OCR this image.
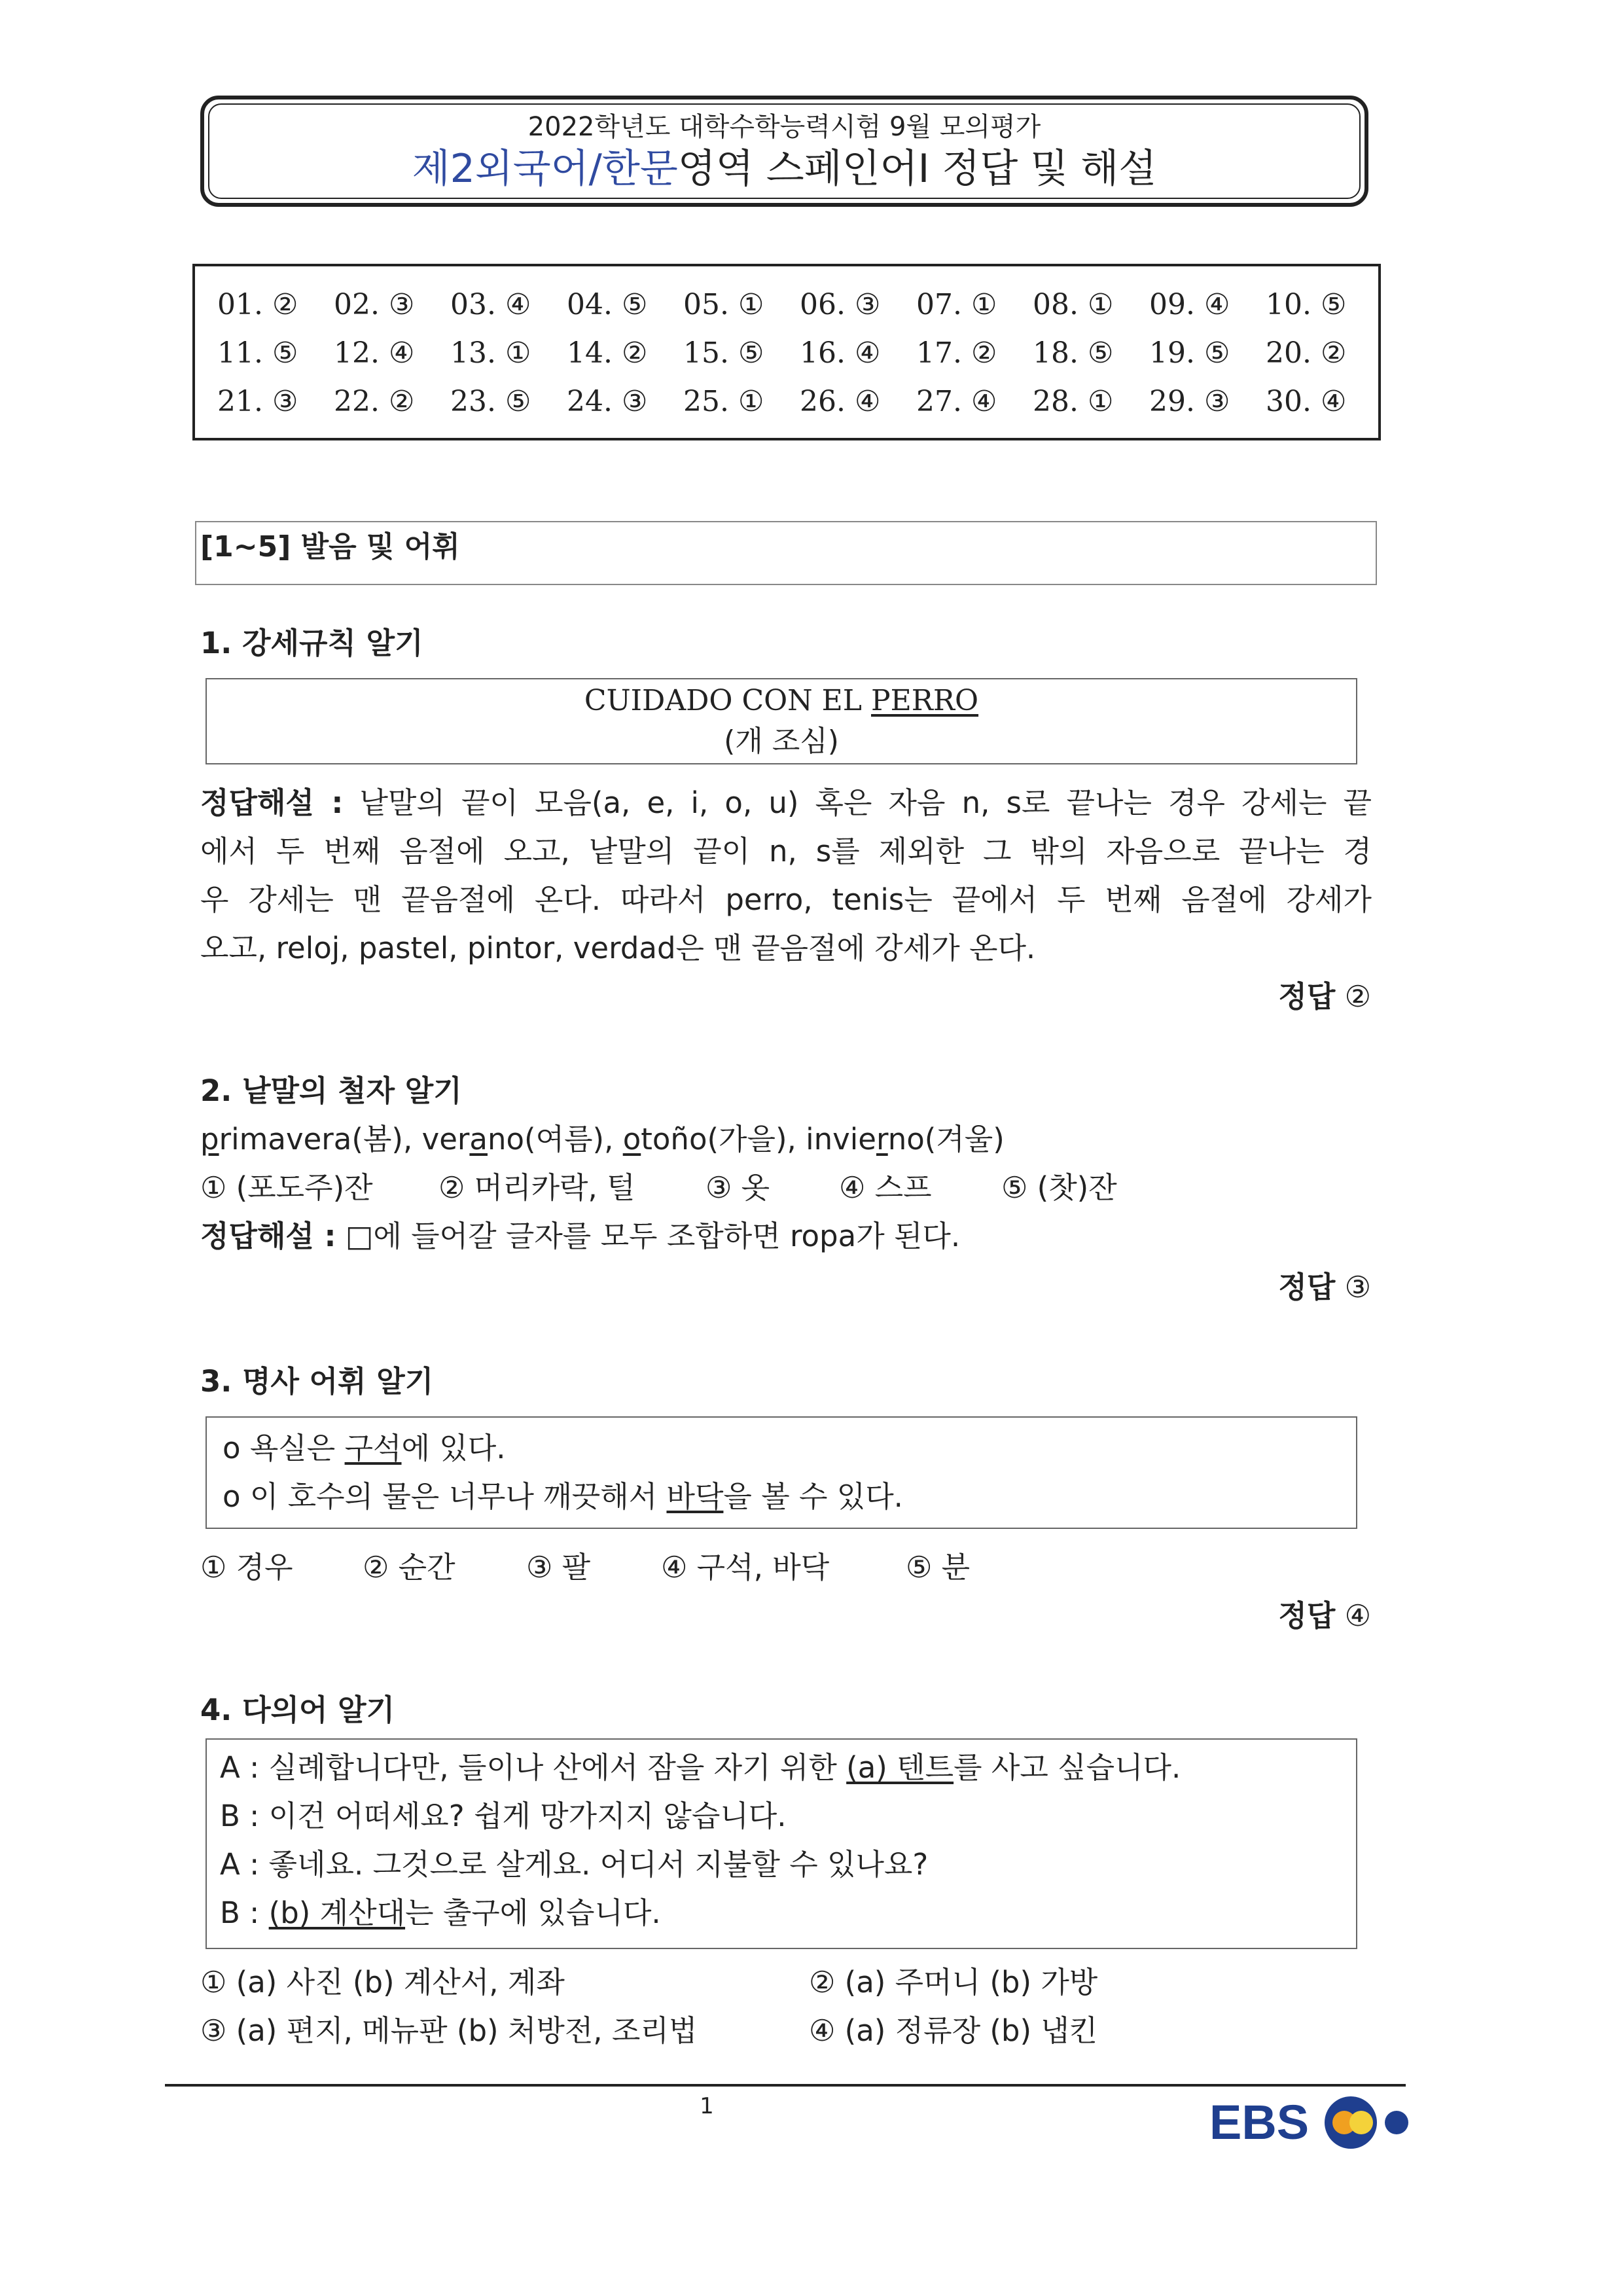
2022학년도 대학수학능력시험 9월 모의평가
제2외국어/한문영역 스페인어Ⅰ 정답 및 해설
01. ② 02. ③ 03. ④ 04. ⑤ 05. ① 06. ③ 07. ① 08. ① 09. ④ 10. ⑤
11. ⑤ 12. ④ 13. ① 14. ② 15. ⑤ 16. ④ 17. ② 18. ⑤ 19. ⑤ 20. ②
21. ③ 22. ② 23. ⑤ 24. ③ 25. ① 26. ④ 27. ④ 28. ① 29. ③ 30. ④
[1~5] 발음 및 어휘
1. 강세규칙 알기
CUIDADO CON EL PERRO
(개 조심)
정답해설 : 낱말의 끝이 모음(a, e, i, o, u) 혹은 자음 n, s로 끝나는 경우 강세는 끝
에서 두 번째 음절에 오고, 낱말의 끝이 n, s를 제외한 그 밖의 자음으로 끝나는 경
우 강세는 맨 끝음절에 온다. 따라서 perro, tenis는 끝에서 두 번째 음절에 강세가
오고, reloj, pastel, pintor, verdad은 맨 끝음절에 강세가 온다.
정답 ②
2. 낱말의 철자 알기
primavera(봄), verano(여름), otoño(가을), invierno(겨울)
① (포도주)잔 ② 머리카락, 털 ③ 옷 ④ 스프 ⑤ (찻)잔
정답해설 : □에 들어갈 글자를 모두 조합하면 ropa가 된다.
정답 ③
3. 명사 어휘 알기
o 욕실은 구석에 있다.
o 이 호수의 물은 너무나 깨끗해서 바닥을 볼 수 있다.
① 경우 ② 순간 ③ 팔 ④ 구석, 바닥	⑤ 분
정답 ④
4. 다의어 알기
A : 실례합니다만, 들이나 산에서 잠을 자기 위한 (a) 텐트를 사고 싶습니다.
B : 이건 어떠세요? 쉽게 망가지지 않습니다.
A : 좋네요. 그것으로 살게요. 어디서 지불할 수 있나요?
B : (b) 계산대는 출구에 있습니다.
① (a) 사진 (b) 계산서, 계좌	② (a) 주머니 (b) 가방
③ (a) 편지, 메뉴판 (b) 처방전, 조리법	④ (a) 정류장 (b) 냅킨
1	EBS
